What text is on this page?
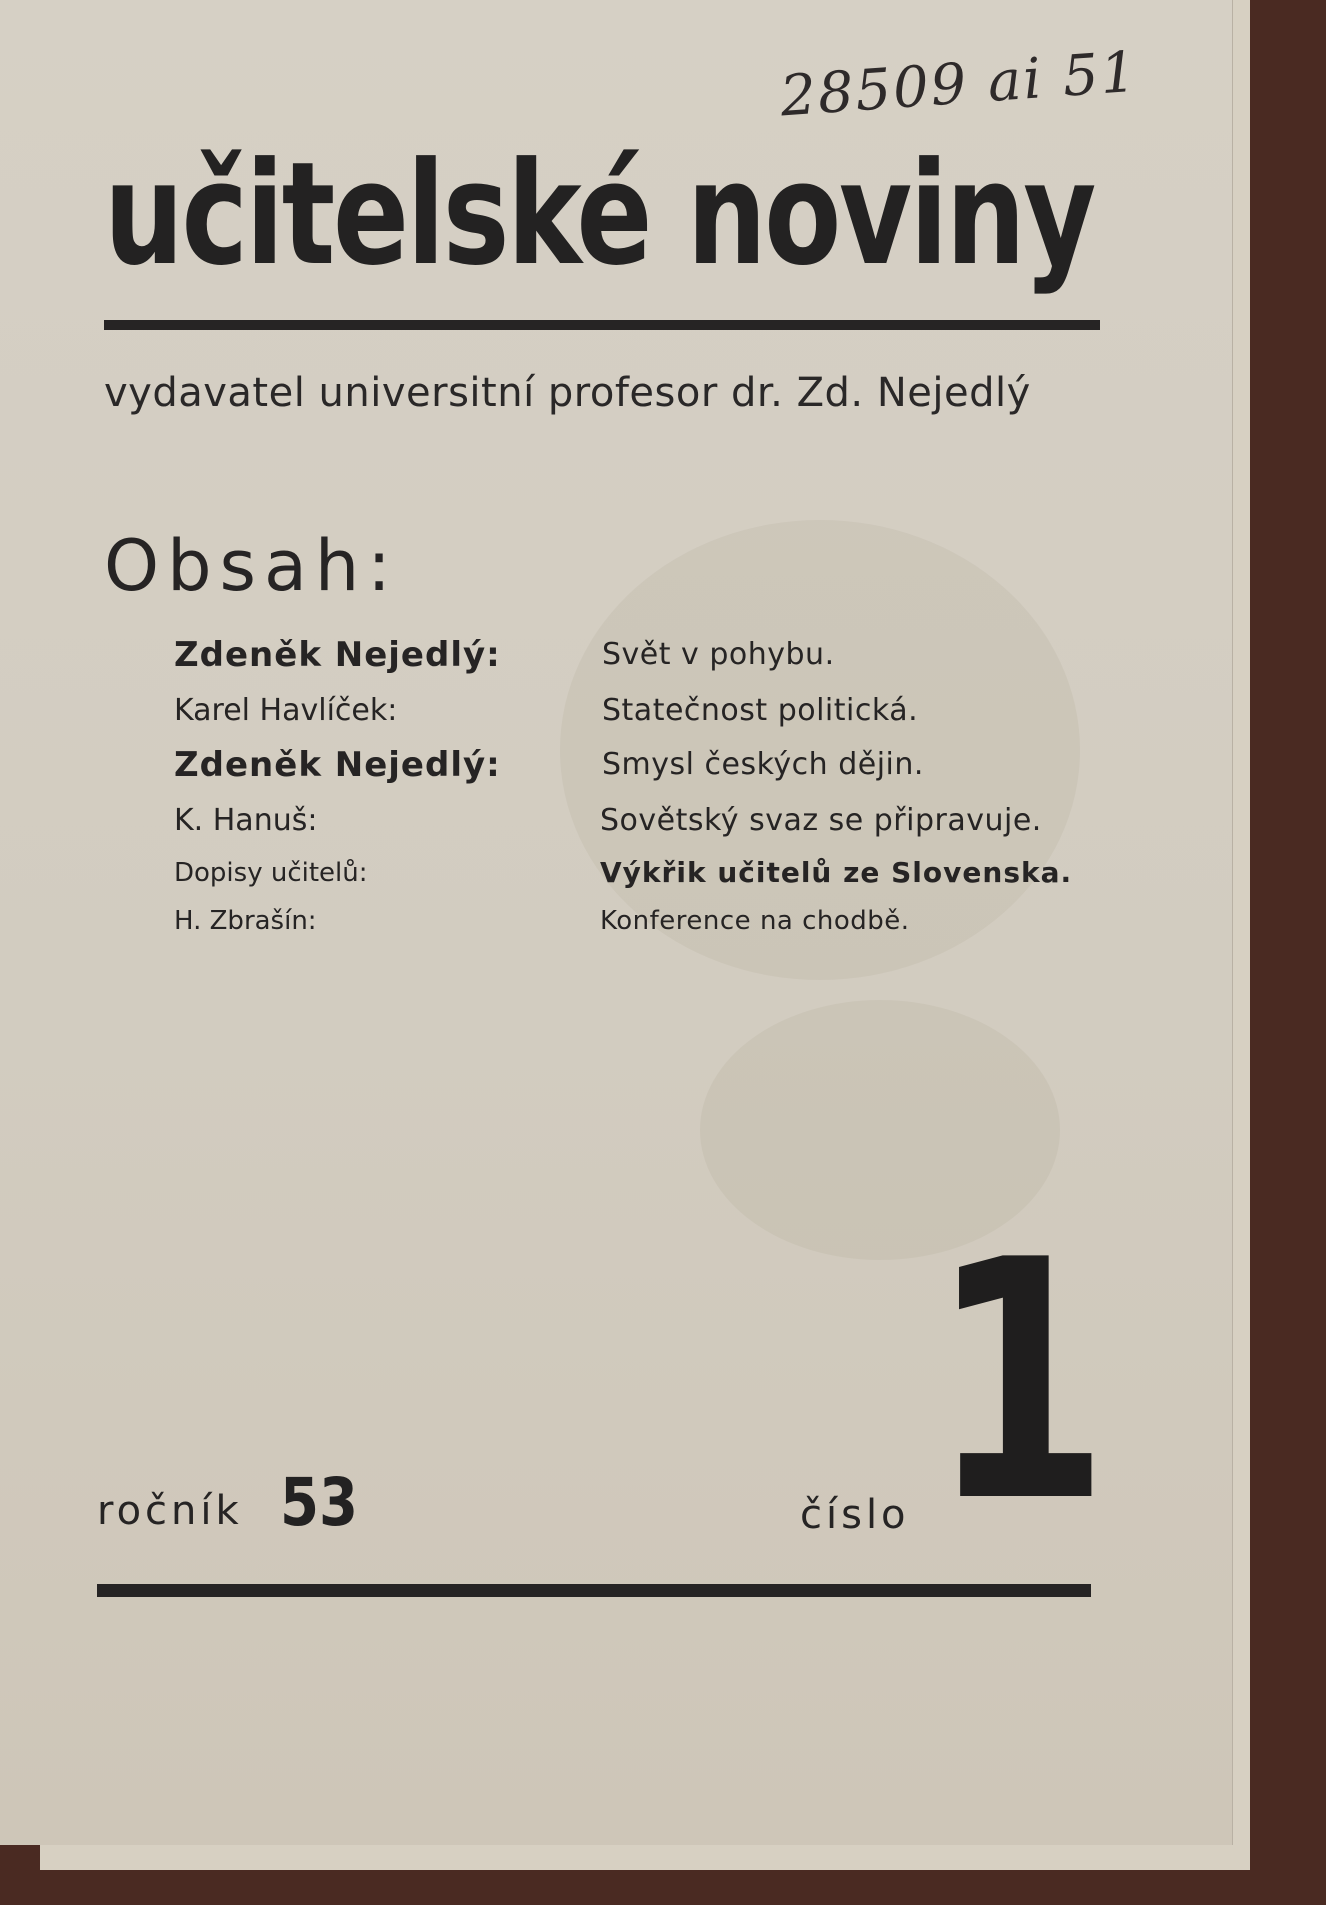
28509 ai 51
učitelské noviny
vydavatel universitní profesor dr. Zd. Nejedlý
Obsah:
Zdeněk Nejedlý:	Svět v pohybu.
Karel Havlíček:	Statečnost politická.
Zdeněk Nejedlý:	Smysl českých dějin.
K. Hanuš:	Sovětský svaz se připravuje.
Dopisy učitelů:	Výkřik učitelů ze Slovenska.
H. Zbrašín:	Konference na chodbě.
ročník 53	číslo 1
